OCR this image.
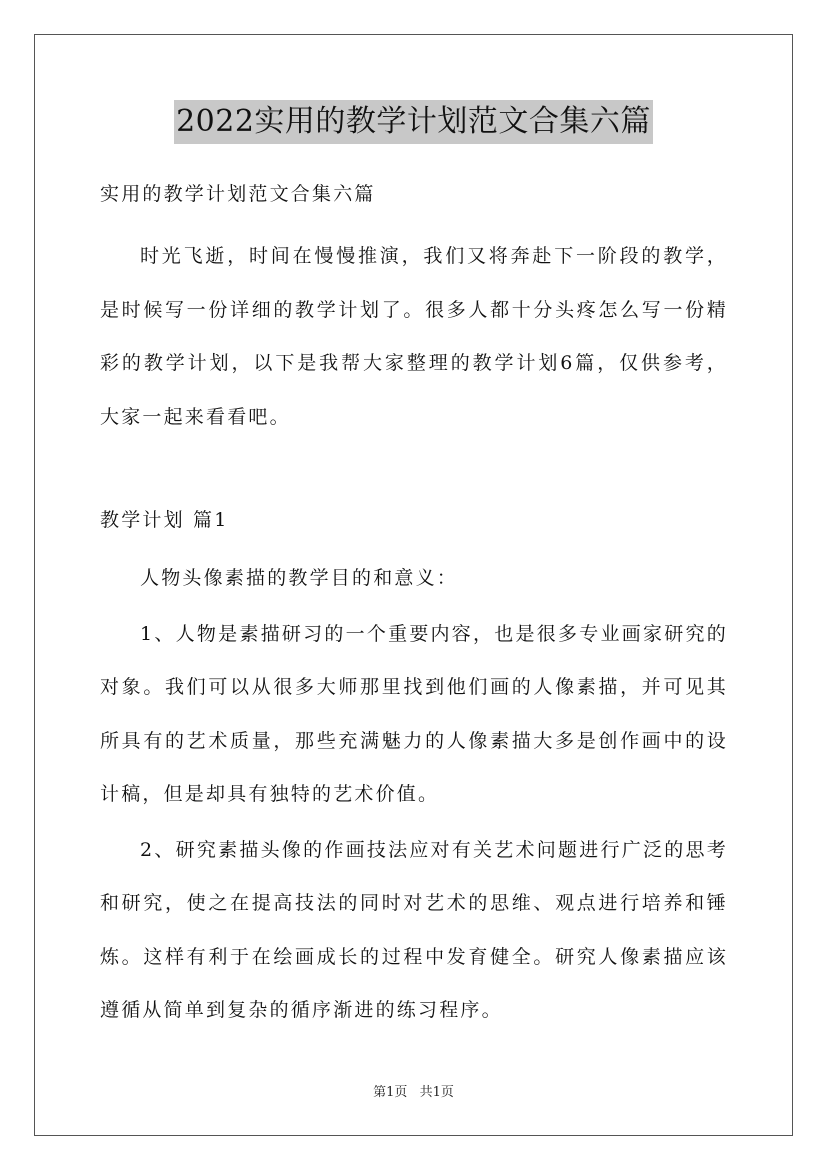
2022实用的教学计划范文合集六篇
实用的教学计划范文合集六篇

时光飞逝，时间在慢慢推演，我们又将奔赴下一阶段的教学，是时候写一份详细的教学计划了。很多人都十分头疼怎么写一份精彩的教学计划，以下是我帮大家整理的教学计划6篇，仅供参考，大家一起来看看吧。

教学计划 篇1

人物头像素描的教学目的和意义：

1、人物是素描研习的一个重要内容，也是很多专业画家研究的对象。我们可以从很多大师那里找到他们画的人像素描，并可见其所具有的艺术质量，那些充满魅力的人像素描大多是创作画中的设计稿，但是却具有独特的艺术价值。

2、研究素描头像的作画技法应对有关艺术问题进行广泛的思考和研究，使之在提高技法的同时对艺术的思维、观点进行培养和锤炼。这样有利于在绘画成长的过程中发育健全。研究人像素描应该遵循从简单到复杂的循序渐进的练习程序。

第1页 共1页
